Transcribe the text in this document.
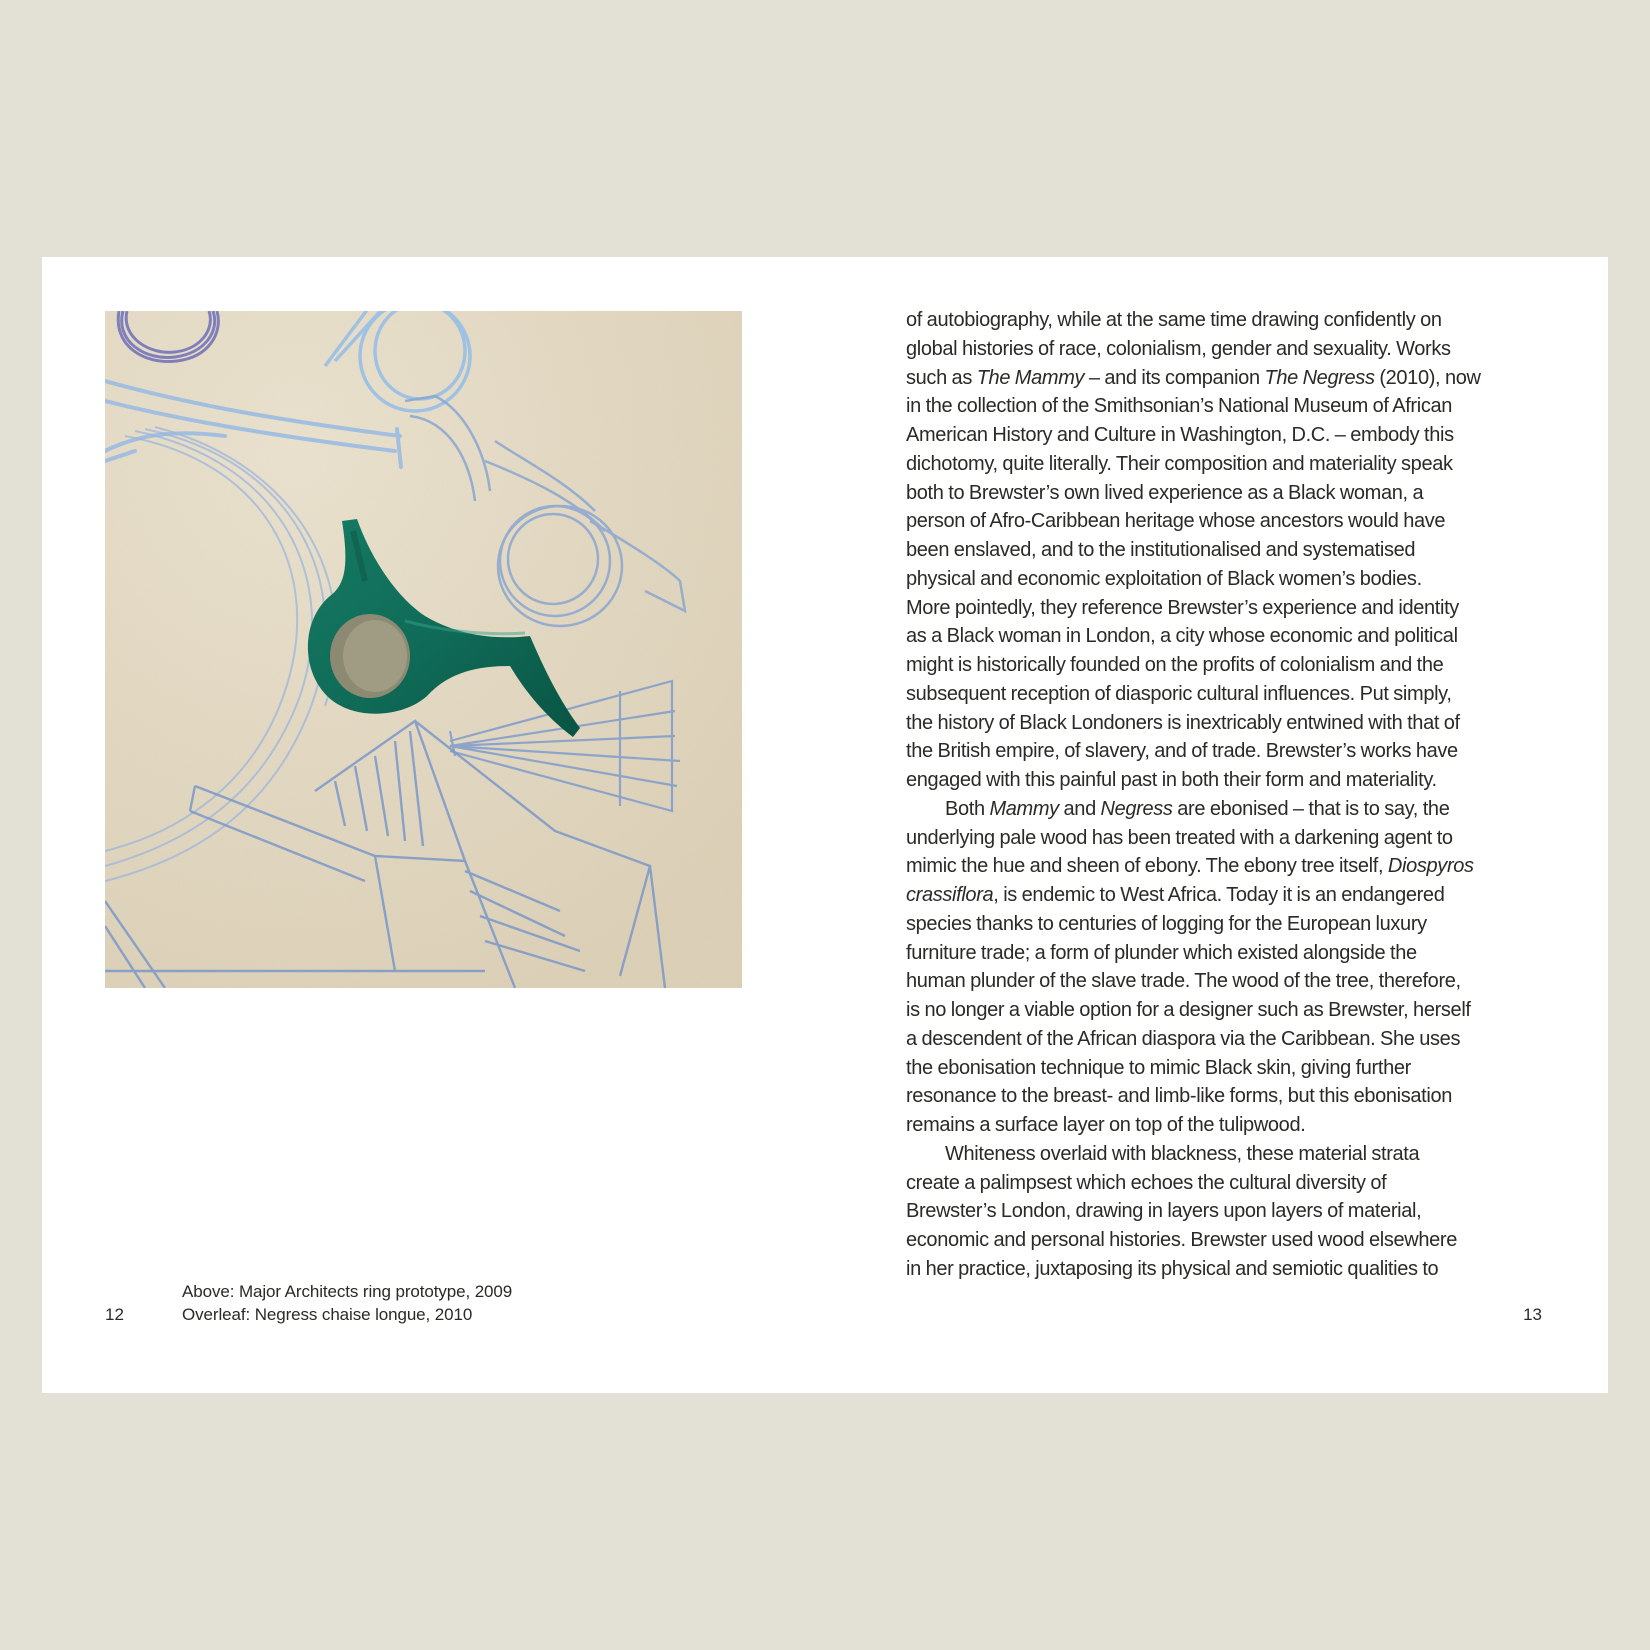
Above: Major Architects ring prototype, 2009
Overleaf: Negress chaise longue, 2010
12
of autobiography, while at the same time drawing confidently on
global histories of race, colonialism, gender and sexuality. Works
such as The Mammy – and its companion The Negress (2010), now
in the collection of the Smithsonian’s National Museum of African
American History and Culture in Washington, D.C. – embody this
dichotomy, quite literally. Their composition and materiality speak
both to Brewster’s own lived experience as a Black woman, a
person of Afro-Caribbean heritage whose ancestors would have
been enslaved, and to the institutionalised and systematised
physical and economic exploitation of Black women’s bodies.
More pointedly, they reference Brewster’s experience and identity
as a Black woman in London, a city whose economic and political
might is historically founded on the profits of colonialism and the
subsequent reception of diasporic cultural influences. Put simply,
the history of Black Londoners is inextricably entwined with that of
the British empire, of slavery, and of trade. Brewster’s works have
engaged with this painful past in both their form and materiality.
Both Mammy and Negress are ebonised – that is to say, the
underlying pale wood has been treated with a darkening agent to
mimic the hue and sheen of ebony. The ebony tree itself, Diospyros
crassiflora, is endemic to West Africa. Today it is an endangered
species thanks to centuries of logging for the European luxury
furniture trade; a form of plunder which existed alongside the
human plunder of the slave trade. The wood of the tree, therefore,
is no longer a viable option for a designer such as Brewster, herself
a descendent of the African diaspora via the Caribbean. She uses
the ebonisation technique to mimic Black skin, giving further
resonance to the breast- and limb-like forms, but this ebonisation
remains a surface layer on top of the tulipwood.
Whiteness overlaid with blackness, these material strata
create a palimpsest which echoes the cultural diversity of
Brewster’s London, drawing in layers upon layers of material,
economic and personal histories. Brewster used wood elsewhere
in her practice, juxtaposing its physical and semiotic qualities to
13
